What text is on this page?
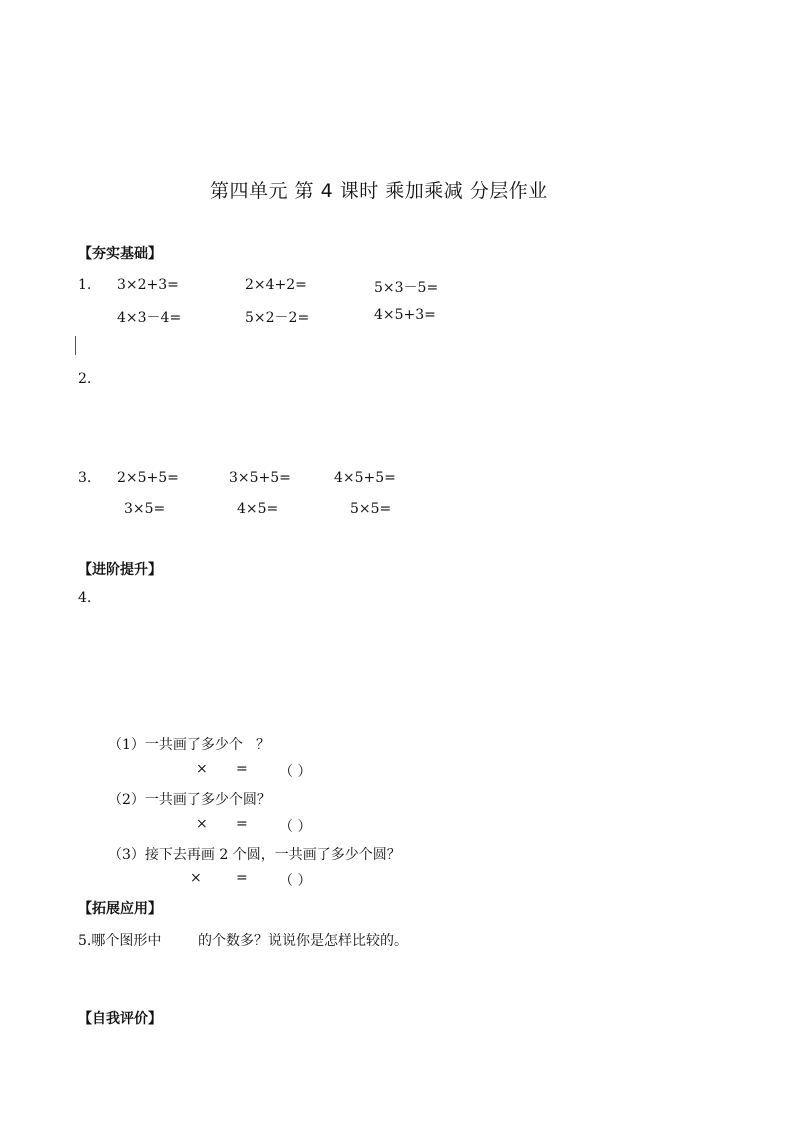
第四单元 第 4 课时 乘加乘减 分层作业
【夯实基础】
1. 3×2+3=	2×4+2=	5×3－5=
4×3－4=	5×2－2=	4×5+3=
2.
3. 2×5+5=	3×5+5=	4×5+5=
3×5=	4×5=	5×5=
【进阶提升】
4.
（1）一共画了多少个 ？
× = （ ）
（2）一共画了多少个圆？
× = （ ）
（3）接下去再画 2 个圆，一共画了多少个圆？
× = （ ）
【拓展应用】
5.哪个图形中	的个数多？说说你是怎样比较的。
【自我评价】
